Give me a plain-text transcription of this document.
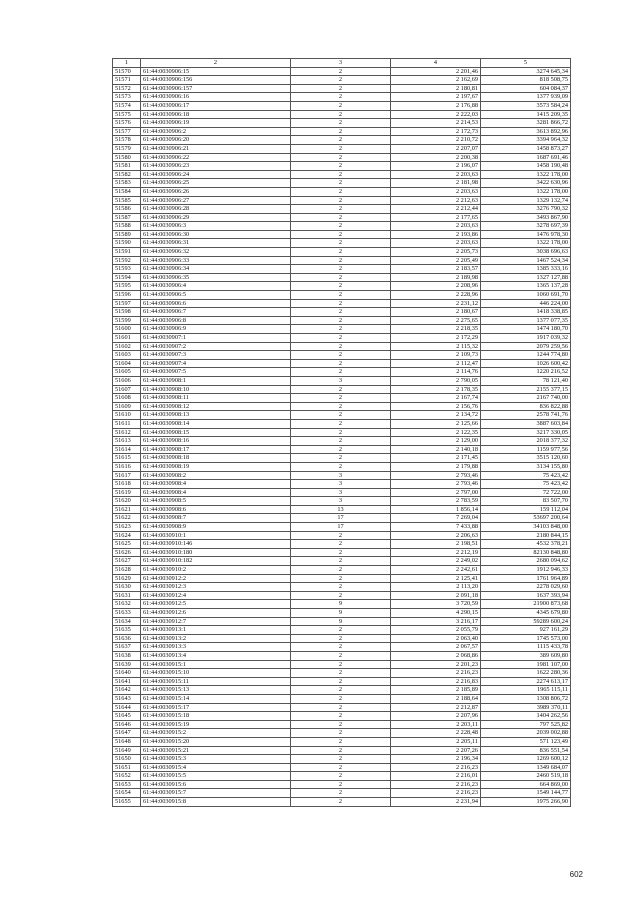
1	2	3	4	5
51570	61:44:0030906:15	2	2 201,46	3274 645,34
51571	61:44:0030906:156	2	2 162,69	818 508,75
51572	61:44:0030906:157	2	2 180,81	604 084,37
51573	61:44:0030906:16	2	2 197,67	1377 939,09
51574	61:44:0030906:17	2	2 176,88	3573 584,24
51575	61:44:0030906:18	2	2 222,03	1415 209,35
51576	61:44:0030906:19	2	2 214,53	3281 866,72
51577	61:44:0030906:2	2	2 172,73	3613 892,96
51578	61:44:0030906:20	2	2 210,72	3394 964,32
51579	61:44:0030906:21	2	2 207,07	1458 873,27
51580	61:44:0030906:22	2	2 200,38	1687 691,46
51581	61:44:0030906:23	2	2 196,07	1458 190,48
51582	61:44:0030906:24	2	2 203,63	1322 178,00
51583	61:44:0030906:25	2	2 181,98	3422 630,96
51584	61:44:0030906:26	2	2 203,63	1322 178,00
51585	61:44:0030906:27	2	2 212,63	1329 132,74
51586	61:44:0030906:28	2	2 212,44	3276 790,32
51587	61:44:0030906:29	2	2 177,65	3493 867,90
51588	61:44:0030906:3	2	2 203,63	3278 697,39
51589	61:44:0030906:30	2	2 193,86	1476 978,30
51590	61:44:0030906:31	2	2 203,63	1322 178,00
51591	61:44:0030906:32	2	2 205,73	3038 696,63
51592	61:44:0030906:33	2	2 205,49	1467 524,34
51593	61:44:0030906:34	2	2 183,57	1385 333,16
51594	61:44:0030906:35	2	2 189,98	1327 127,88
51595	61:44:0030906:4	2	2 208,96	1365 137,28
51596	61:44:0030906:5	2	2 228,96	1060 691,70
51597	61:44:0030906:6	2	2 231,12	446 224,00
51598	61:44:0030906:7	2	2 180,67	1418 338,85
51599	61:44:0030906:8	2	2 275,65	1377 077,35
51600	61:44:0030906:9	2	2 218,35	1474 180,70
51601	61:44:0030907:1	2	2 172,29	1917 039,32
51602	61:44:0030907:2	2	2 115,32	2079 259,56
51603	61:44:0030907:3	2	2 109,73	1244 774,80
51604	61:44:0030907:4	2	2 112,47	1026 600,42
51605	61:44:0030907:5	2	2 114,76	1220 216,52
51606	61:44:0030908:1	3	2 790,05	78 121,40
51607	61:44:0030908:10	2	2 178,35	2155 377,15
51608	61:44:0030908:11	2	2 167,74	2167 740,00
51609	61:44:0030908:12	2	2 156,76	836 822,88
51610	61:44:0030908:13	2	2 134,72	2578 741,76
51611	61:44:0030908:14	2	2 125,66	3887 603,84
51612	61:44:0030908:15	2	2 122,35	3217 330,05
51613	61:44:0030908:16	2	2 129,00	2018 377,32
51614	61:44:0030908:17	2	2 140,18	1159 977,56
51615	61:44:0030908:18	2	2 171,45	3515 120,60
51616	61:44:0030908:19	2	2 179,88	3134 155,80
51617	61:44:0030908:2	3	2 793,46	75 423,42
51618	61:44:0030908:4	3	2 793,46	75 423,42
51619	61:44:0030908:4	3	2 797,00	72 722,00
51620	61:44:0030908:5	3	2 783,59	83 507,70
51621	61:44:0030908:6	13	1 856,14	159 112,04
51622	61:44:0030908:7	17	7 269,04	53697 200,64
51623	61:44:0030908:9	17	7 433,88	34103 848,00
51624	61:44:0030910:1	2	2 206,63	2180 844,15
51625	61:44:0030910:146	2	2 198,51	4532 378,21
51626	61:44:0030910:180	2	2 212,19	82130 848,80
51627	61:44:0030910:182	2	2 249,02	2680 094,62
51628	61:44:0030910:2	2	2 242,61	1912 946,33
51629	61:44:0030912:2	2	2 125,41	1761 964,89
51630	61:44:0030912:3	2	2 113,20	2278 029,60
51631	61:44:0030912:4	2	2 091,18	1637 393,94
51632	61:44:0030912:5	9	3 720,59	21900 873,68
51633	61:44:0030912:6	9	4 290,15	4345 679,80
51634	61:44:0030912:7	9	3 216,17	59289 600,24
51635	61:44:0030913:1	2	2 055,79	927 161,29
51636	61:44:0030913:2	2	2 063,40	1745 573,00
51637	61:44:0030913:3	2	2 067,57	1115 433,78
51638	61:44:0030913:4	2	2 068,86	389 609,80
51639	61:44:0030915:1	2	2 201,23	1981 107,00
51640	61:44:0030915:10	2	2 216,23	1622 280,36
51641	61:44:0030915:11	2	2 216,83	2274 613,17
51642	61:44:0030915:13	2	2 185,89	1965 115,11
51643	61:44:0030915:14	2	2 188,64	1308 806,72
51644	61:44:0030915:17	2	2 212,87	3989 370,11
51645	61:44:0030915:18	2	2 207,96	1404 262,56
51646	61:44:0030915:19	2	2 203,11	797 525,82
51647	61:44:0030915:2	2	2 228,48	2039 002,88
51648	61:44:0030915:20	2	2 205,11	571 123,49
51649	61:44:0030915:21	2	2 207,26	836 551,54
51650	61:44:0030915:3	2	2 196,34	1269 600,12
51651	61:44:0030915:4	2	2 216,23	1349 684,07
51652	61:44:0030915:5	2	2 216,01	2460 519,18
51653	61:44:0030915:6	2	2 216,23	664 869,00
51654	61:44:0030915:7	2	2 216,23	1549 144,77
51655	61:44:0030915:8	2	2 231,94	1975 266,90
602
